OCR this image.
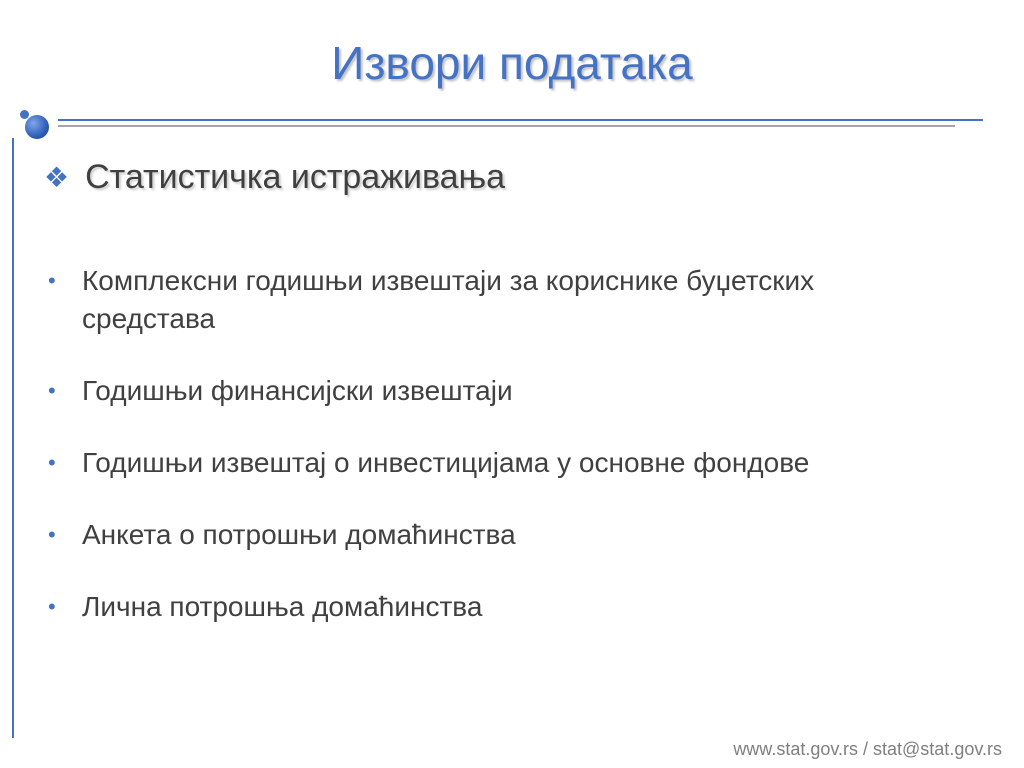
Извори података
❖ Статистичка истраживања
• Комплексни годишњи извештаји за кориснике буџетских средстава
• Годишњи финансијски извештаји
• Годишњи извештај о инвестицијама у основне фондове
• Анкета о потрошњи домаћинства
• Лична потрошња домаћинства
www.stat.gov.rs / stat@stat.gov.rs
